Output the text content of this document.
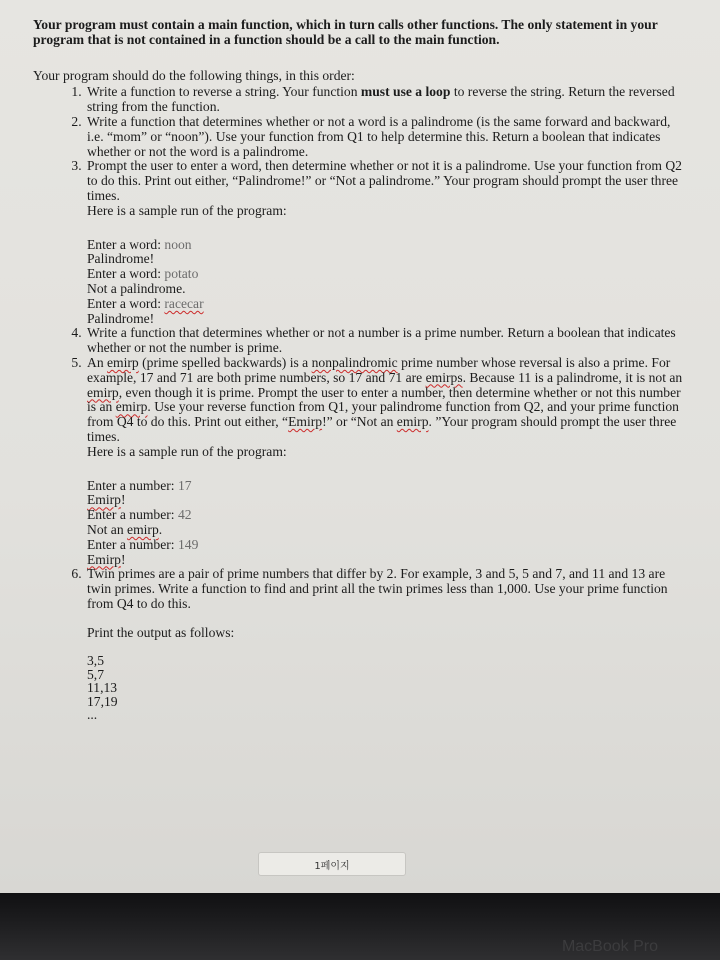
Your program must contain a main function, which in turn calls other functions. The only statement in your program that is not contained in a function should be a call to the main function.

Your program should do the following things, in this order:

1. Write a function to reverse a string. Your function must use a loop to reverse the string. Return the reversed string from the function.
2. Write a function that determines whether or not a word is a palindrome (is the same forward and backward, i.e. “mom” or “noon”). Use your function from Q1 to help determine this. Return a boolean that indicates whether or not the word is a palindrome.
3. Prompt the user to enter a word, then determine whether or not it is a palindrome. Use your function from Q2 to do this. Print out either, “Palindrome!” or “Not a palindrome.” Your program should prompt the user three times.
Here is a sample run of the program:
Enter a word: noon
Palindrome!
Enter a word: potato
Not a palindrome.
Enter a word: racecar
Palindrome!
4. Write a function that determines whether or not a number is a prime number. Return a boolean that indicates whether or not the number is prime.
5. An emirp (prime spelled backwards) is a nonpalindromic prime number whose reversal is also a prime. For example, 17 and 71 are both prime numbers, so 17 and 71 are emirps. Because 11 is a palindrome, it is not an emirp, even though it is prime. Prompt the user to enter a number, then determine whether or not this number is an emirp. Use your reverse function from Q1, your palindrome function from Q2, and your prime function from Q4 to do this. Print out either, “Emirp!” or “Not an emirp. ”Your program should prompt the user three times.
Here is a sample run of the program:
Enter a number: 17
Emirp!
Enter a number: 42
Not an emirp.
Enter a number: 149
Emirp!
6. Twin primes are a pair of prime numbers that differ by 2. For example, 3 and 5, 5 and 7, and 11 and 13 are twin primes. Write a function to find and print all the twin primes less than 1,000. Use your prime function from Q4 to do this.
Print the output as follows:
3,5
5,7
11,13
17,19
...
1페이지
MacBook Pro
